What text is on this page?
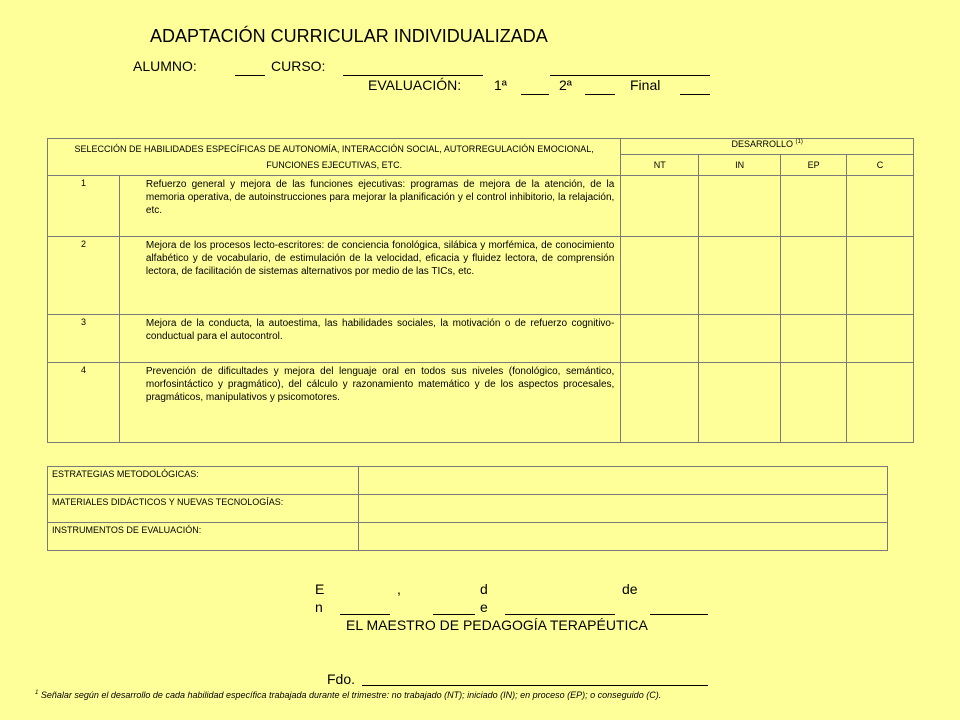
ADAPTACIÓN CURRICULAR INDIVIDUALIZADA
ALUMNO:	CURSO:
EVALUACIÓN: 1ª	2ª	Final
SELECCIÓN DE HABILIDADES ESPECÍFICAS DE AUTONOMÍA, INTERACCIÓN SOCIAL, AUTORREGULACIÓN EMOCIONAL, FUNCIONES EJECUTIVAS, ETC.		DESARROLLO $^{(1)}$
		NT	IN	EP	C
1	Refuerzo general y mejora de las funciones ejecutivas: programas de mejora de la atención, de la memoria operativa, de autoinstrucciones para mejorar la planificación y el control inhibitorio, la relajación, etc.				
2	Mejora de los procesos lecto-escritores: de conciencia fonológica, silábica y morfémica, de conocimiento alfabético y de vocabulario, de estimulación de la velocidad, eficacia y fluidez lectora, de comprensión lectora, de facilitación de sistemas alternativos por medio de las TICs, etc.				
3	Mejora de la conducta, la autoestima, las habilidades sociales, la motivación o de refuerzo cognitivo-conductual para el autocontrol.				
4	Prevención de dificultades y mejora del lenguaje oral en todos sus niveles (fonológico, semántico, morfosintáctico y pragmático), del cálculo y razonamiento matemático y de los aspectos procesales, pragmáticos, manipulativos y psicomotores.				
ESTRATEGIAS METODOLÓGICAS:	
MATERIALES DIDÁCTICOS Y NUEVAS TECNOLOGÍAS:	
INSTRUMENTOS DE EVALUACIÓN:	
E
n
,	d
e
de
EL MAESTRO DE PEDAGOGÍA TERAPÉUTICA
Fdo.
$^1$ Señalar según el desarrollo de cada habilidad específica trabajada durante el trimestre: no trabajado (NT); iniciado (IN); en proceso (EP); o conseguido (C).
